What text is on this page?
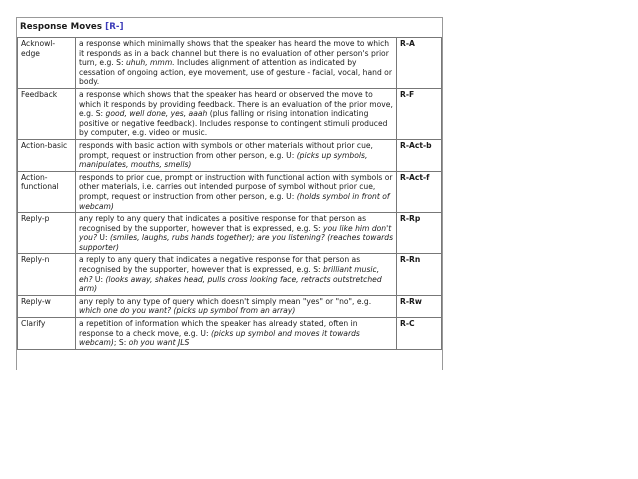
Response Moves [R-]
Acknowl-edge	a response which minimally shows that the speaker has heard the move to which it responds as in a back channel but there is no evaluation of other person's prior turn, e.g. S: uhuh, mmm. Includes alignment of attention as indicated by cessation of ongoing action, eye movement, use of gesture - facial, vocal, hand or body.	R-A
Feedback	a response which shows that the speaker has heard or observed the move to which it responds by providing feedback. There is an evaluation of the prior move, e.g. S: good, well done, yes, aaah (plus falling or rising intonation indicating positive or negative feedback). Includes response to contingent stimuli produced by computer, e.g. video or music.	R-F
Action-basic	responds with basic action with symbols or other materials without prior cue, prompt, request or instruction from other person, e.g. U: (picks up symbols, manipulates, mouths, smells)	R-Act-b
Action-functional	responds to prior cue, prompt or instruction with functional action with symbols or other materials, i.e. carries out intended purpose of symbol without prior cue, prompt, request or instruction from other person, e.g. U: (holds symbol in front of webcam)	R-Act-f
Reply-p	any reply to any query that indicates a positive response for that person as recognised by the supporter, however that is expressed, e.g. S: you like him don't you? U: (smiles, laughs, rubs hands together); are you listening? (reaches towards supporter)	R-Rp
Reply-n	a reply to any query that indicates a negative response for that person as recognised by the supporter, however that is expressed, e.g. S: brilliant music, eh? U: (looks away, shakes head, pulls cross looking face, retracts outstretched arm)	R-Rn
Reply-w	any reply to any type of query which doesn't simply mean "yes" or "no", e.g. which one do you want? (picks up symbol from an array)	R-Rw
Clarify	a repetition of information which the speaker has already stated, often in response to a check move, e.g. U: (picks up symbol and moves it towards webcam); S: oh you want JLS	R-C
